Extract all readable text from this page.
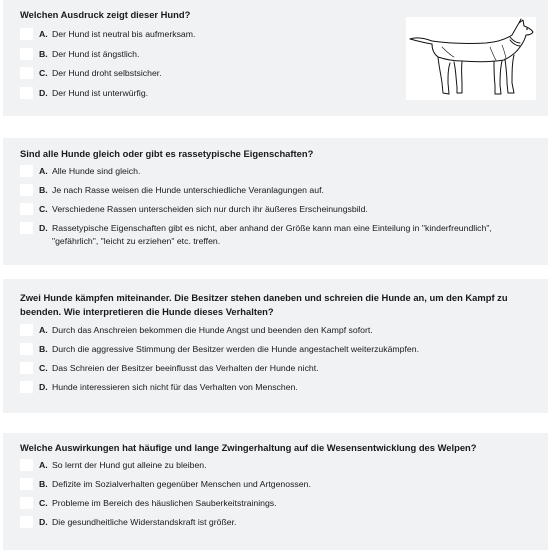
Welchen Ausdruck zeigt dieser Hund?
A. Der Hund ist neutral bis aufmerksam.
B. Der Hund ist ängstlich.
C. Der Hund droht selbstsicher.
D. Der Hund ist unterwürfig.
Sind alle Hunde gleich oder gibt es rassetypische Eigenschaften?
A. Alle Hunde sind gleich.
B. Je nach Rasse weisen die Hunde unterschiedliche Veranlagungen auf.
C. Verschiedene Rassen unterscheiden sich nur durch ihr äußeres Erscheinungsbild.
D. Rassetypische Eigenschaften gibt es nicht, aber anhand der Größe kann man eine Einteilung in "kinderfreundlich", "gefährlich", "leicht zu erziehen" etc. treffen.
Zwei Hunde kämpfen miteinander. Die Besitzer stehen daneben und schreien die Hunde an, um den Kampf zu beenden. Wie interpretieren die Hunde dieses Verhalten?
A. Durch das Anschreien bekommen die Hunde Angst und beenden den Kampf sofort.
B. Durch die aggressive Stimmung der Besitzer werden die Hunde angestachelt weiterzukämpfen.
C. Das Schreien der Besitzer beeinflusst das Verhalten der Hunde nicht.
D. Hunde interessieren sich nicht für das Verhalten von Menschen.
Welche Auswirkungen hat häufige und lange Zwingerhaltung auf die Wesensentwicklung des Welpen?
A. So lernt der Hund gut alleine zu bleiben.
B. Defizite im Sozialverhalten gegenüber Menschen und Artgenossen.
C. Probleme im Bereich des häuslichen Sauberkeitstrainings.
D. Die gesundheitliche Widerstandskraft ist größer.
